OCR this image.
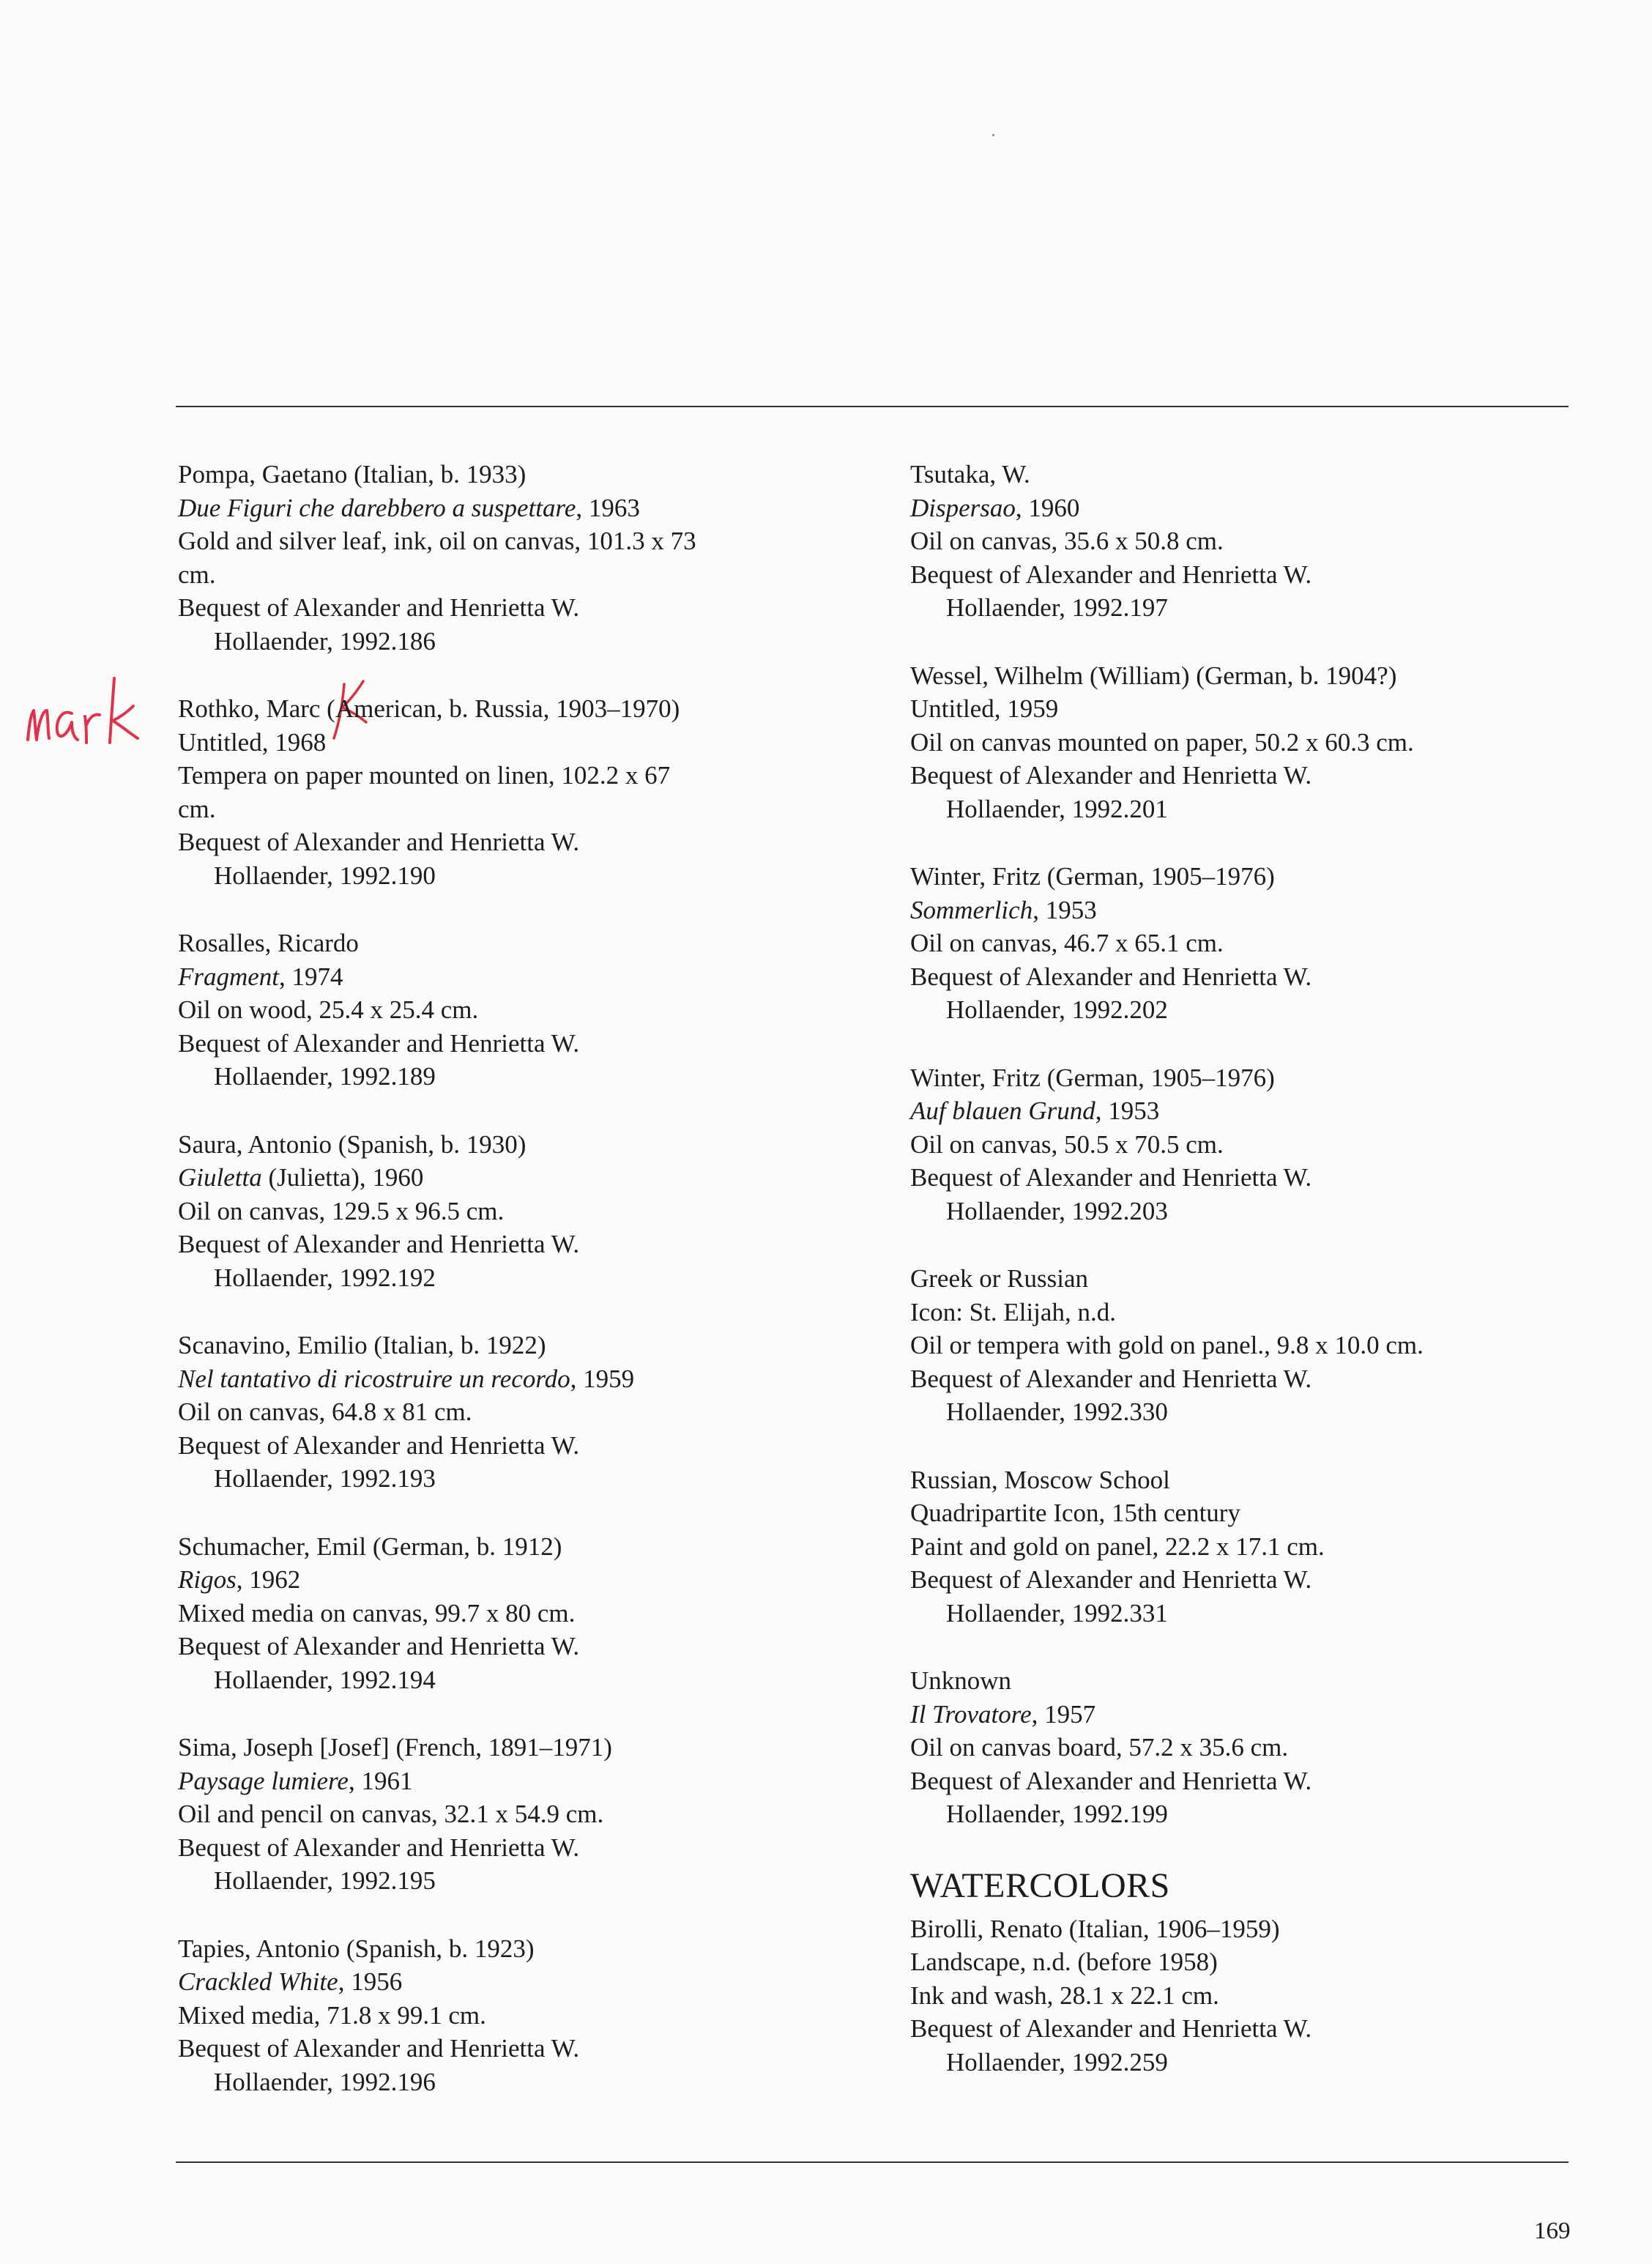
Pompa, Gaetano (Italian, b. 1933)
Due Figuri che darebbero a suspettare, 1963
Gold and silver leaf, ink, oil on canvas, 101.3 x 73
cm.
Bequest of Alexander and Henrietta W.
Hollaender, 1992.186
Rothko, Marc (American, b. Russia, 1903–1970)
Untitled, 1968
Tempera on paper mounted on linen, 102.2 x 67
cm.
Bequest of Alexander and Henrietta W.
Hollaender, 1992.190
Rosalles, Ricardo
Fragment, 1974
Oil on wood, 25.4 x 25.4 cm.
Bequest of Alexander and Henrietta W.
Hollaender, 1992.189
Saura, Antonio (Spanish, b. 1930)
Giuletta (Julietta), 1960
Oil on canvas, 129.5 x 96.5 cm.
Bequest of Alexander and Henrietta W.
Hollaender, 1992.192
Scanavino, Emilio (Italian, b. 1922)
Nel tantativo di ricostruire un recordo, 1959
Oil on canvas, 64.8 x 81 cm.
Bequest of Alexander and Henrietta W.
Hollaender, 1992.193
Schumacher, Emil (German, b. 1912)
Rigos, 1962
Mixed media on canvas, 99.7 x 80 cm.
Bequest of Alexander and Henrietta W.
Hollaender, 1992.194
Sima, Joseph [Josef] (French, 1891–1971)
Paysage lumiere, 1961
Oil and pencil on canvas, 32.1 x 54.9 cm.
Bequest of Alexander and Henrietta W.
Hollaender, 1992.195
Tapies, Antonio (Spanish, b. 1923)
Crackled White, 1956
Mixed media, 71.8 x 99.1 cm.
Bequest of Alexander and Henrietta W.
Hollaender, 1992.196
Tsutaka, W.
Dispersao, 1960
Oil on canvas, 35.6 x 50.8 cm.
Bequest of Alexander and Henrietta W.
Hollaender, 1992.197
Wessel, Wilhelm (William) (German, b. 1904?)
Untitled, 1959
Oil on canvas mounted on paper, 50.2 x 60.3 cm.
Bequest of Alexander and Henrietta W.
Hollaender, 1992.201
Winter, Fritz (German, 1905–1976)
Sommerlich, 1953
Oil on canvas, 46.7 x 65.1 cm.
Bequest of Alexander and Henrietta W.
Hollaender, 1992.202
Winter, Fritz (German, 1905–1976)
Auf blauen Grund, 1953
Oil on canvas, 50.5 x 70.5 cm.
Bequest of Alexander and Henrietta W.
Hollaender, 1992.203
Greek or Russian
Icon: St. Elijah, n.d.
Oil or tempera with gold on panel., 9.8 x 10.0 cm.
Bequest of Alexander and Henrietta W.
Hollaender, 1992.330
Russian, Moscow School
Quadripartite Icon, 15th century
Paint and gold on panel, 22.2 x 17.1 cm.
Bequest of Alexander and Henrietta W.
Hollaender, 1992.331
Unknown
Il Trovatore, 1957
Oil on canvas board, 57.2 x 35.6 cm.
Bequest of Alexander and Henrietta W.
Hollaender, 1992.199
WATERCOLORS
Birolli, Renato (Italian, 1906–1959)
Landscape, n.d. (before 1958)
Ink and wash, 28.1 x 22.1 cm.
Bequest of Alexander and Henrietta W.
Hollaender, 1992.259
169
